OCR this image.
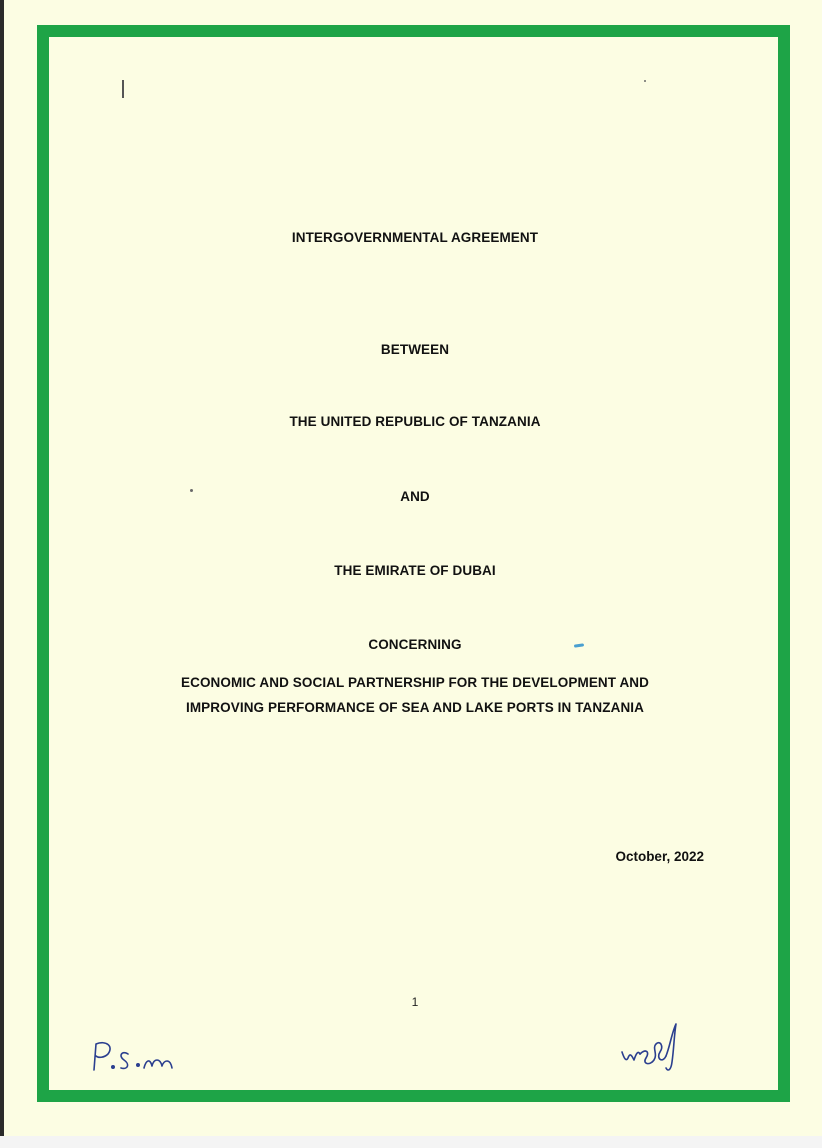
INTERGOVERNMENTAL AGREEMENT
BETWEEN
THE UNITED REPUBLIC OF TANZANIA
AND
THE EMIRATE OF DUBAI
CONCERNING
ECONOMIC AND SOCIAL PARTNERSHIP FOR THE DEVELOPMENT AND
IMPROVING PERFORMANCE OF SEA AND LAKE PORTS IN TANZANIA
October, 2022
1
